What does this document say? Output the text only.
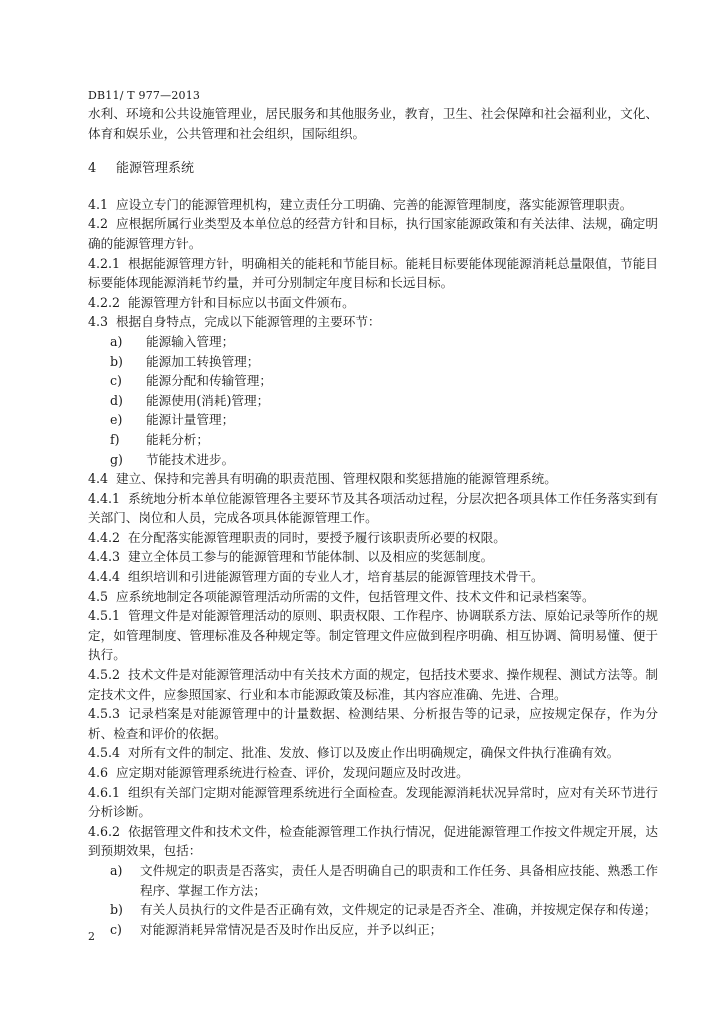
DB11/ T 977—2013

水利、环境和公共设施管理业，居民服务和其他服务业，教育，卫生、社会保障和社会福利业，文化、体育和娱乐业，公共管理和社会组织，国际组织。

4 能源管理系统

4.1 应设立专门的能源管理机构，建立责任分工明确、完善的能源管理制度，落实能源管理职责。

4.2 应根据所属行业类型及本单位总的经营方针和目标，执行国家能源政策和有关法律、法规，确定明确的能源管理方针。

4.2.1 根据能源管理方针，明确相关的能耗和节能目标。能耗目标要能体现能源消耗总量限值，节能目标要能体现能源消耗节约量，并可分别制定年度目标和长远目标。

4.2.2 能源管理方针和目标应以书面文件颁布。

4.3 根据自身特点，完成以下能源管理的主要环节：

a) 能源输入管理；

b) 能源加工转换管理；

c) 能源分配和传输管理；

d) 能源使用(消耗)管理；

e) 能源计量管理；

f) 能耗分析；

g) 节能技术进步。

4.4 建立、保持和完善具有明确的职责范围、管理权限和奖惩措施的能源管理系统。

4.4.1 系统地分析本单位能源管理各主要环节及其各项活动过程，分层次把各项具体工作任务落实到有关部门、岗位和人员，完成各项具体能源管理工作。

4.4.2 在分配落实能源管理职责的同时，要授予履行该职责所必要的权限。

4.4.3 建立全体员工参与的能源管理和节能体制、以及相应的奖惩制度。

4.4.4 组织培训和引进能源管理方面的专业人才，培育基层的能源管理技术骨干。

4.5 应系统地制定各项能源管理活动所需的文件，包括管理文件、技术文件和记录档案等。

4.5.1 管理文件是对能源管理活动的原则、职责权限、工作程序、协调联系方法、原始记录等所作的规定，如管理制度、管理标准及各种规定等。制定管理文件应做到程序明确、相互协调、简明易懂、便于执行。

4.5.2 技术文件是对能源管理活动中有关技术方面的规定，包括技术要求、操作规程、测试方法等。制定技术文件，应参照国家、行业和本市能源政策及标准，其内容应准确、先进、合理。

4.5.3 记录档案是对能源管理中的计量数据、检测结果、分析报告等的记录，应按规定保存，作为分析、检查和评价的依据。

4.5.4 对所有文件的制定、批准、发放、修订以及废止作出明确规定，确保文件执行准确有效。

4.6 应定期对能源管理系统进行检查、评价，发现问题应及时改进。

4.6.1 组织有关部门定期对能源管理系统进行全面检查。发现能源消耗状况异常时，应对有关环节进行分析诊断。

4.6.2 依据管理文件和技术文件，检查能源管理工作执行情况，促进能源管理工作按文件规定开展，达到预期效果，包括：

a) 文件规定的职责是否落实，责任人是否明确自己的职责和工作任务、具备相应技能、熟悉工作程序、掌握工作方法；

b) 有关人员执行的文件是否正确有效，文件规定的记录是否齐全、准确，并按规定保存和传递；

c) 对能源消耗异常情况是否及时作出反应，并予以纠正；

2
